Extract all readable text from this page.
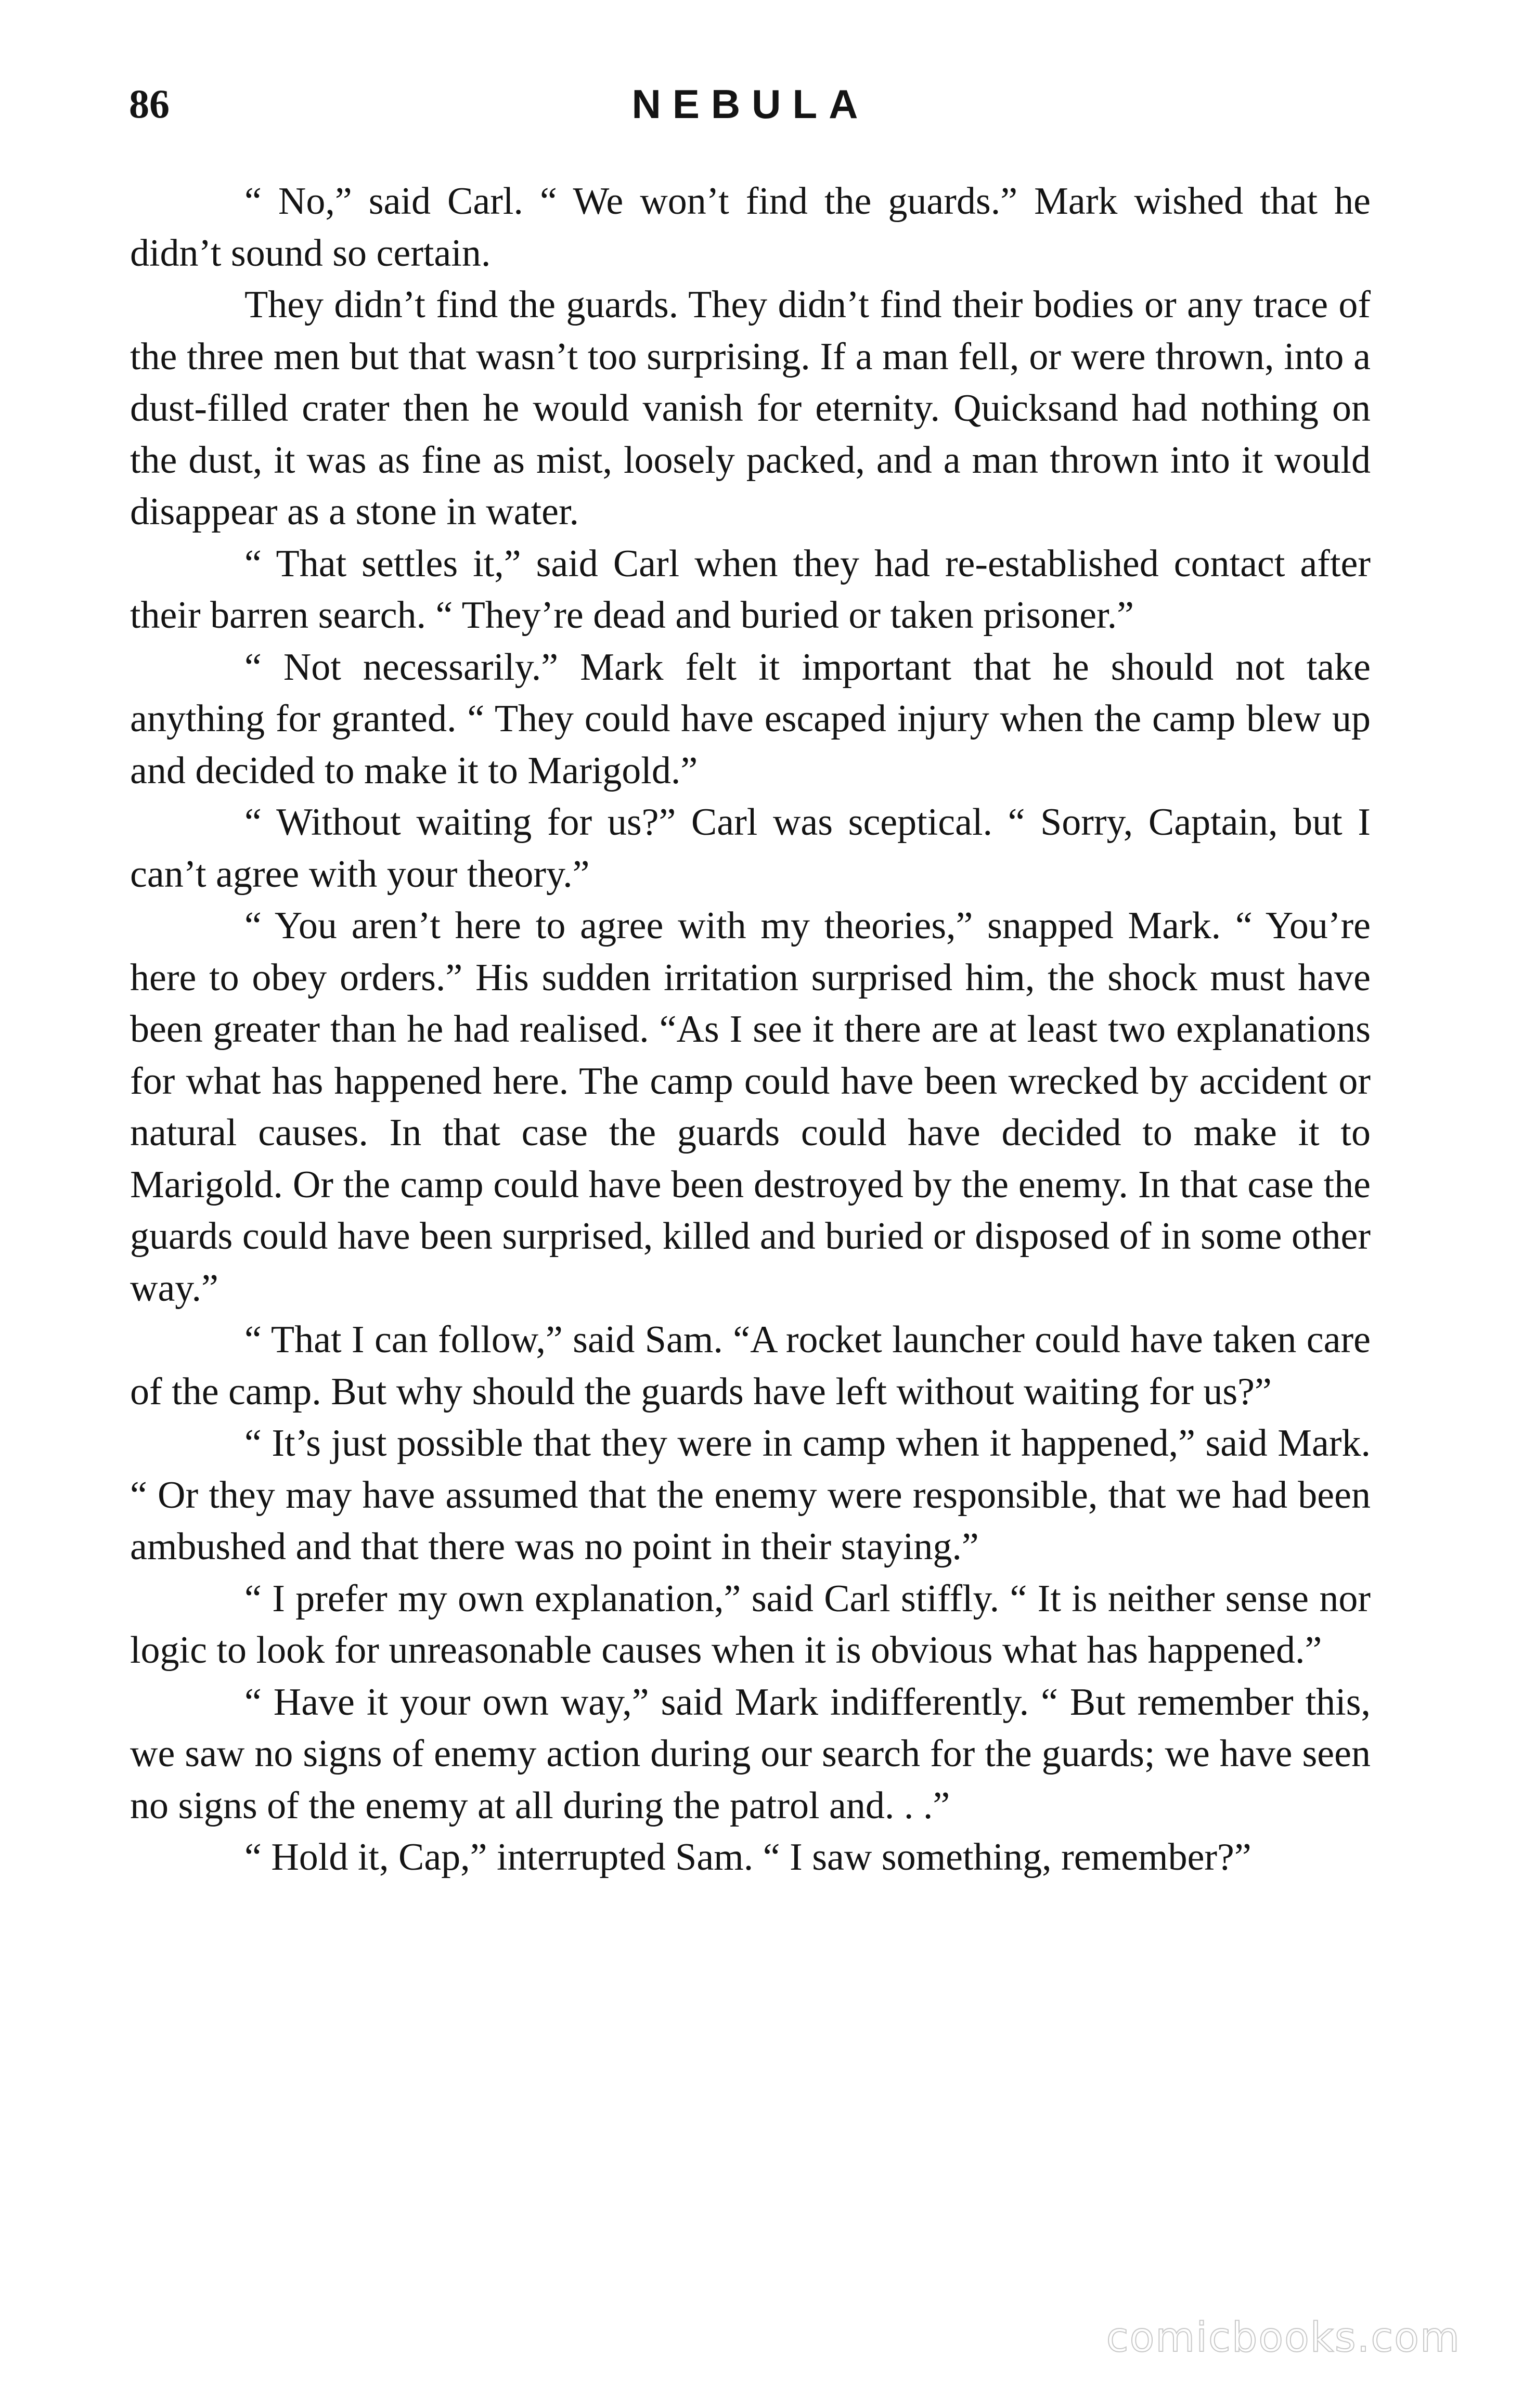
86	NEBULA

“ No,” said Carl. “ We won’t find the guards.” Mark wished that he didn’t sound so certain.

They didn’t find the guards. They didn’t find their bodies or any trace of the three men but that wasn’t too surprising. If a man fell, or were thrown, into a dust-filled crater then he would vanish for eternity. Quicksand had nothing on the dust, it was as fine as mist, loosely packed, and a man thrown into it would disappear as a stone in water.

“ That settles it,” said Carl when they had re-established contact after their barren search. “ They’re dead and buried or taken prisoner.”

“ Not necessarily.” Mark felt it important that he should not take anything for granted. “ They could have escaped injury when the camp blew up and decided to make it to Marigold.”

“ Without waiting for us?” Carl was sceptical. “ Sorry, Captain, but I can’t agree with your theory.”

“ You aren’t here to agree with my theories,” snapped Mark. “ You’re here to obey orders.” His sudden irritation surprised him, the shock must have been greater than he had realised. “As I see it there are at least two explanations for what has happened here. The camp could have been wrecked by accident or natural causes. In that case the guards could have decided to make it to Marigold. Or the camp could have been destroyed by the enemy. In that case the guards could have been surprised, killed and buried or disposed of in some other way.”

“ That I can follow,” said Sam. “A rocket launcher could have taken care of the camp. But why should the guards have left without waiting for us?”

“ It’s just possible that they were in camp when it happened,” said Mark. “ Or they may have assumed that the enemy were responsible, that we had been ambushed and that there was no point in their staying.”

“ I prefer my own explanation,” said Carl stiffly. “ It is neither sense nor logic to look for unreasonable causes when it is obvious what has happened.”

“ Have it your own way,” said Mark indifferently. “ But remember this, we saw no signs of enemy action during our search for the guards; we have seen no signs of the enemy at all during the patrol and. . .”

“ Hold it, Cap,” interrupted Sam. “ I saw something, remember?”

comicbooks.com
